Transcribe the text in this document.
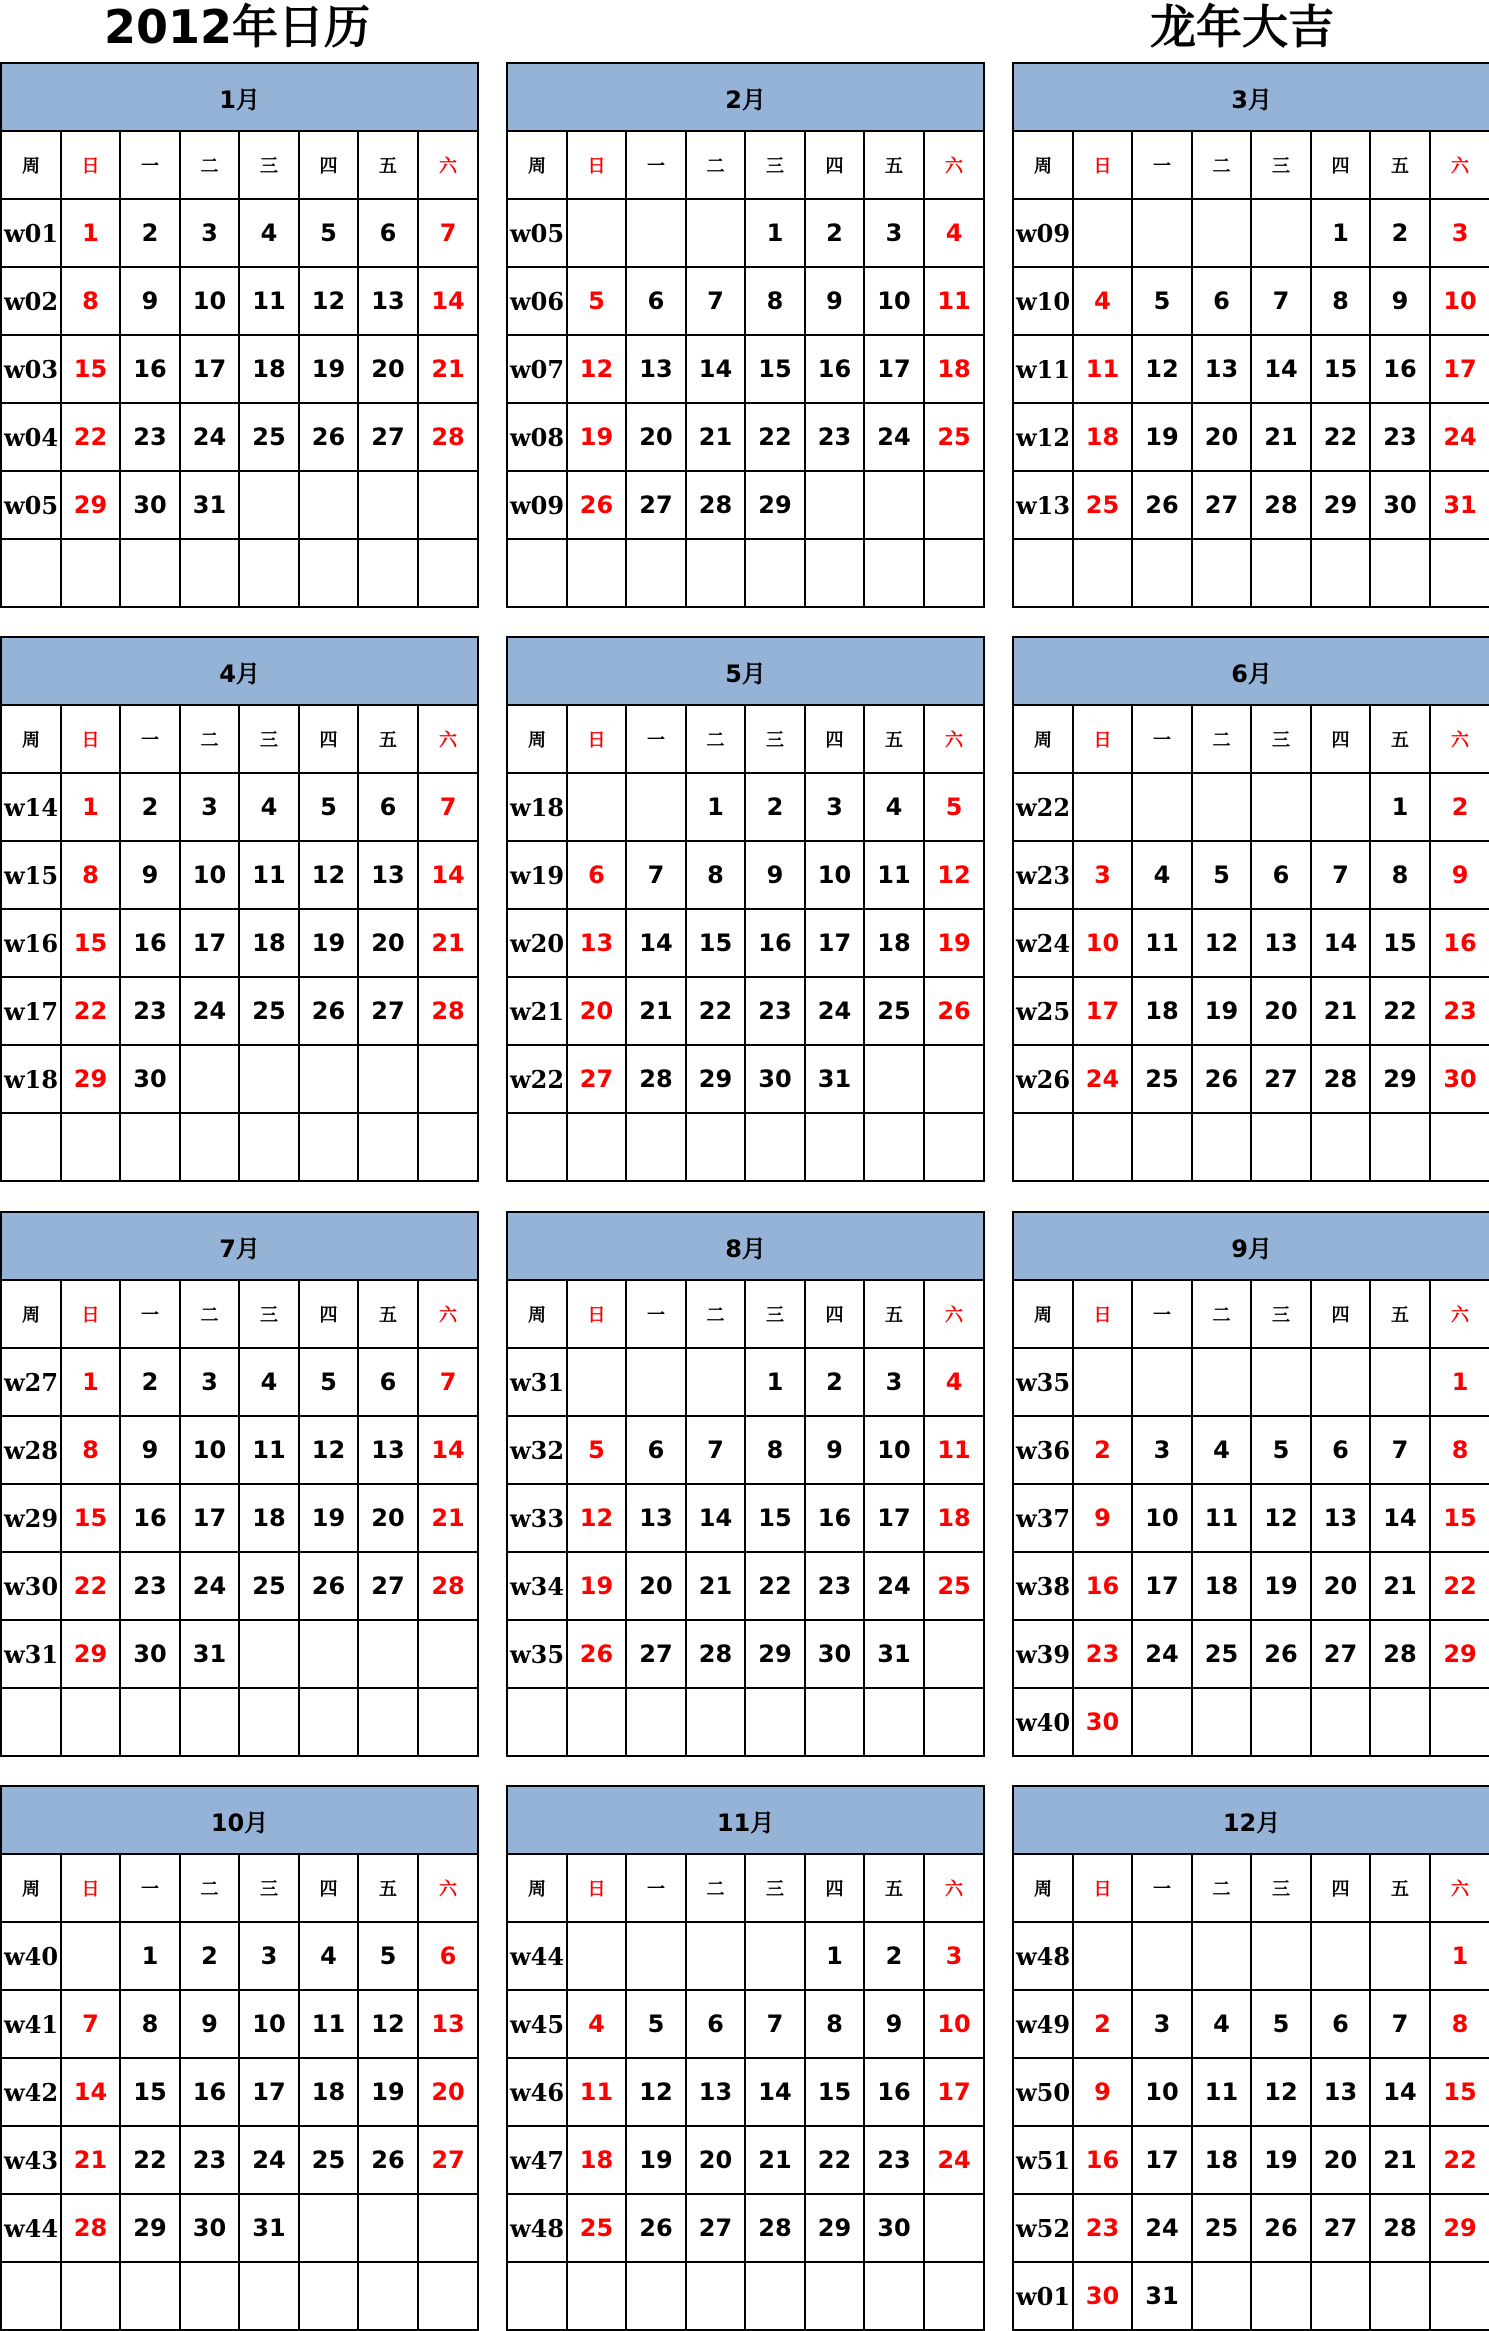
2012年日历	龙年大吉
1月							
周	日	一	二	三	四	五	六
w01	1	2	3	4	5	6	7
w02	8	9	10	11	12	13	14
w03	15	16	17	18	19	20	21
w04	22	23	24	25	26	27	28
w05	29	30	31				

2月							
周	日	一	二	三	四	五	六
w05				1	2	3	4
w06	5	6	7	8	9	10	11
w07	12	13	14	15	16	17	18
w08	19	20	21	22	23	24	25
w09	26	27	28	29			

3月							
周	日	一	二	三	四	五	六
w09					1	2	3
w10	4	5	6	7	8	9	10
w11	11	12	13	14	15	16	17
w12	18	19	20	21	22	23	24
w13	25	26	27	28	29	30	31

4月							
周	日	一	二	三	四	五	六
w14	1	2	3	4	5	6	7
w15	8	9	10	11	12	13	14
w16	15	16	17	18	19	20	21
w17	22	23	24	25	26	27	28
w18	29	30					

5月							
周	日	一	二	三	四	五	六
w18			1	2	3	4	5
w19	6	7	8	9	10	11	12
w20	13	14	15	16	17	18	19
w21	20	21	22	23	24	25	26
w22	27	28	29	30	31		

6月							
周	日	一	二	三	四	五	六
w22						1	2
w23	3	4	5	6	7	8	9
w24	10	11	12	13	14	15	16
w25	17	18	19	20	21	22	23
w26	24	25	26	27	28	29	30

7月							
周	日	一	二	三	四	五	六
w27	1	2	3	4	5	6	7
w28	8	9	10	11	12	13	14
w29	15	16	17	18	19	20	21
w30	22	23	24	25	26	27	28
w31	29	30	31				

8月							
周	日	一	二	三	四	五	六
w31				1	2	3	4
w32	5	6	7	8	9	10	11
w33	12	13	14	15	16	17	18
w34	19	20	21	22	23	24	25
w35	26	27	28	29	30	31	

9月							
周	日	一	二	三	四	五	六
w35							1
w36	2	3	4	5	6	7	8
w37	9	10	11	12	13	14	15
w38	16	17	18	19	20	21	22
w39	23	24	25	26	27	28	29
w40	30						
10月							
周	日	一	二	三	四	五	六
w40		1	2	3	4	5	6
w41	7	8	9	10	11	12	13
w42	14	15	16	17	18	19	20
w43	21	22	23	24	25	26	27
w44	28	29	30	31			

11月							
周	日	一	二	三	四	五	六
w44					1	2	3
w45	4	5	6	7	8	9	10
w46	11	12	13	14	15	16	17
w47	18	19	20	21	22	23	24
w48	25	26	27	28	29	30	

12月							
周	日	一	二	三	四	五	六
w48							1
w49	2	3	4	5	6	7	8
w50	9	10	11	12	13	14	15
w51	16	17	18	19	20	21	22
w52	23	24	25	26	27	28	29
w01	30	31					
